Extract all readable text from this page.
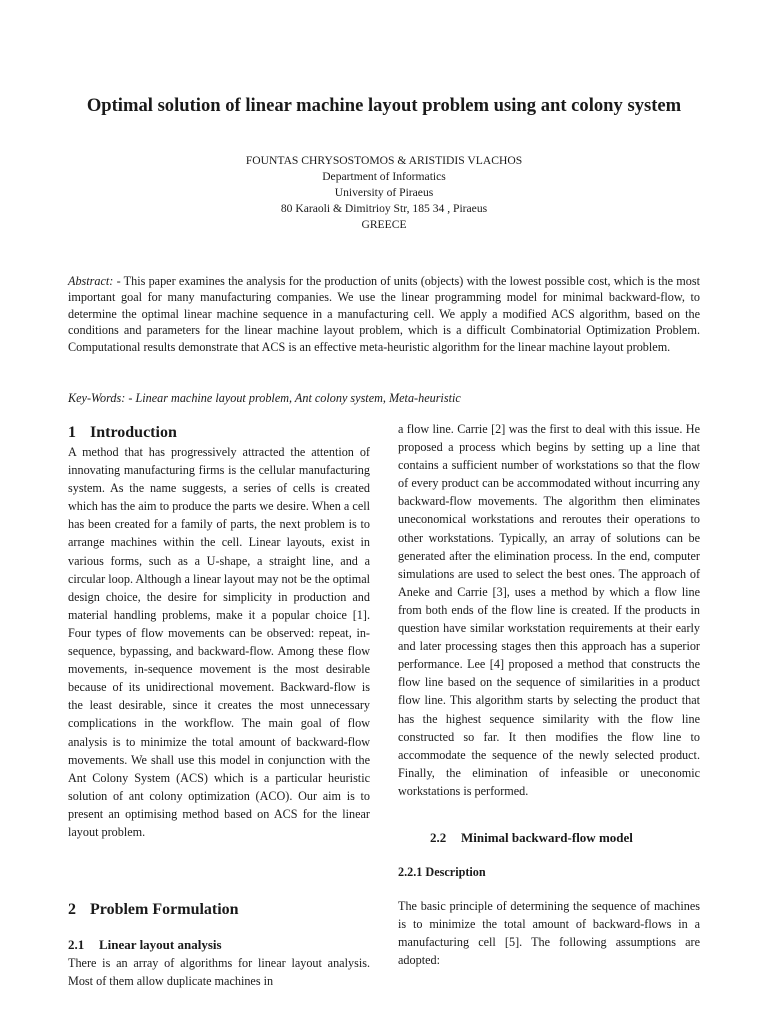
Optimal solution of linear machine layout problem using ant colony system
FOUNTAS CHRYSOSTOMOS & ARISTIDIS VLACHOS
Department of Informatics
University of Piraeus
80 Karaoli & Dimitrioy Str, 185 34 , Piraeus
GREECE
Abstract: - This paper examines the analysis for the production of units (objects) with the lowest possible cost, which is the most important goal for many manufacturing companies. We use the linear programming model for minimal backward-flow, to determine the optimal linear machine sequence in a manufacturing cell. We apply a modified ACS algorithm, based on the conditions and parameters for the linear machine layout problem, which is a difficult Combinatorial Optimization Problem. Computational results demonstrate that ACS is an effective meta-heuristic algorithm for the linear machine layout problem.
Key-Words: - Linear machine layout problem, Ant colony system, Meta-heuristic
1 Introduction
A method that has progressively attracted the attention of innovating manufacturing firms is the cellular manufacturing system. As the name suggests, a series of cells is created which has the aim to produce the parts we desire. When a cell has been created for a family of parts, the next problem is to arrange machines within the cell. Linear layouts, exist in various forms, such as a U-shape, a straight line, and a circular loop. Although a linear layout may not be the optimal design choice, the desire for simplicity in production and material handling problems, make it a popular choice [1]. Four types of flow movements can be observed: repeat, in-sequence, bypassing, and backward-flow. Among these flow movements, in-sequence movement is the most desirable because of its unidirectional movement. Backward-flow is the least desirable, since it creates the most unnecessary complications in the workflow. The main goal of flow analysis is to minimize the total amount of backward-flow movements. We shall use this model in conjunction with the Ant Colony System (ACS) which is a particular heuristic solution of ant colony optimization (ACO). Our aim is to present an optimising method based on ACS for the linear layout problem.
2 Problem Formulation
2.1 Linear layout analysis
There is an array of algorithms for linear layout analysis. Most of them allow duplicate machines in
a flow line. Carrie [2] was the first to deal with this issue. He proposed a process which begins by setting up a line that contains a sufficient number of workstations so that the flow of every product can be accommodated without incurring any backward-flow movements. The algorithm then eliminates uneconomical workstations and reroutes their operations to other workstations. Typically, an array of solutions can be generated after the elimination process. In the end, computer simulations are used to select the best ones. The approach of Aneke and Carrie [3], uses a method by which a flow line from both ends of the flow line is created. If the products in question have similar workstation requirements at their early and later processing stages then this approach has a superior performance. Lee [4] proposed a method that constructs the flow line based on the sequence of similarities in a product flow line. This algorithm starts by selecting the product that has the highest sequence similarity with the flow line constructed so far. It then modifies the flow line to accommodate the sequence of the newly selected product. Finally, the elimination of infeasible or uneconomic workstations is performed.
2.2 Minimal backward-flow model
2.2.1 Description
The basic principle of determining the sequence of machines is to minimize the total amount of backward-flows in a manufacturing cell [5]. The following assumptions are adopted:
